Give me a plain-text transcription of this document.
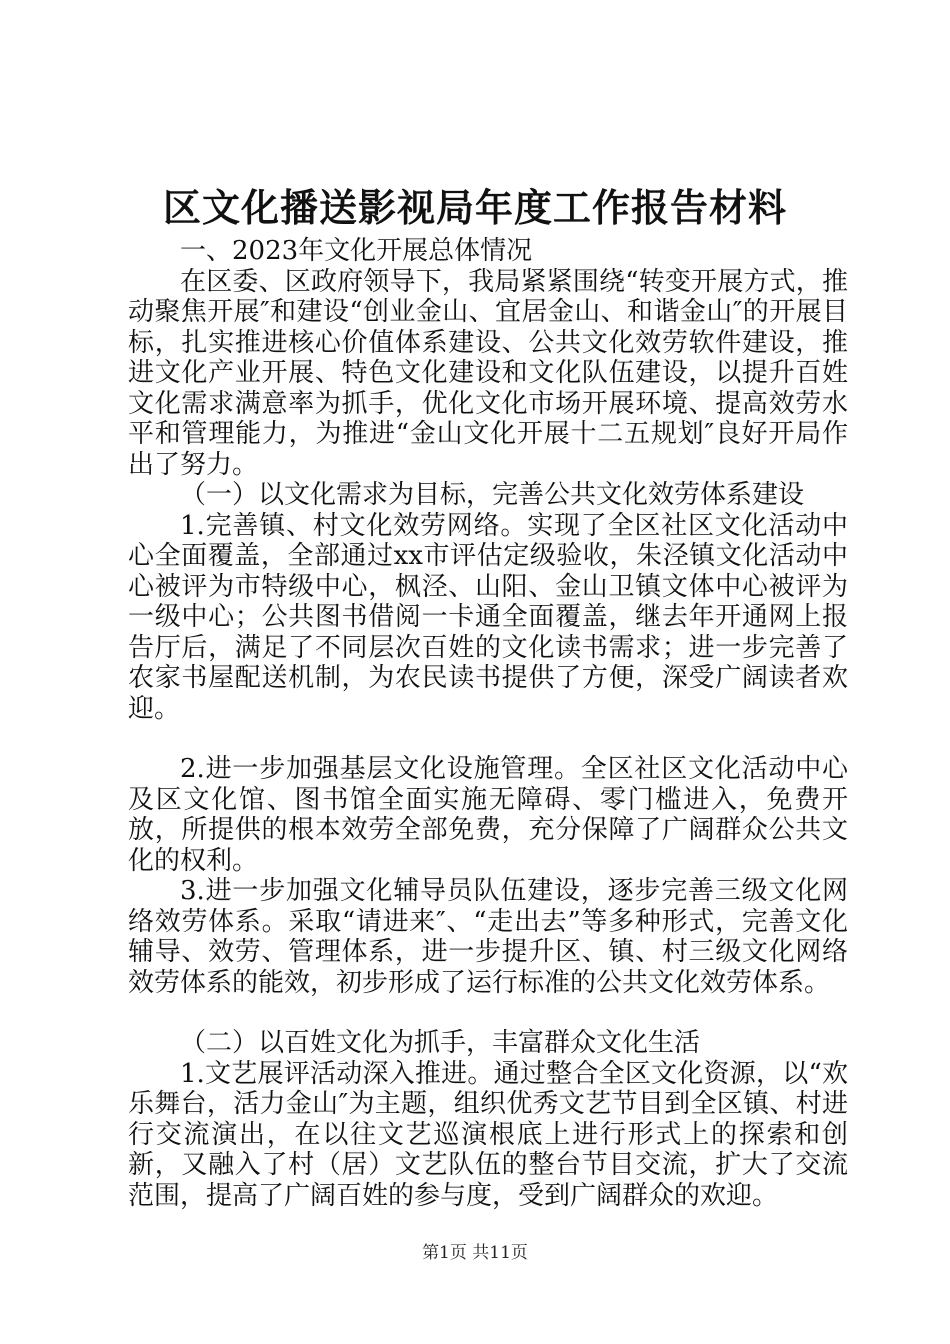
区文化播送影视局年度工作报告材料

一、2023年文化开展总体情况

在区委、区政府领导下，我局紧紧围绕“转变开展方式，推动聚焦开展″和建设“创业金山、宜居金山、和谐金山″的开展目标，扎实推进核心价值体系建设、公共文化效劳软件建设，推进文化产业开展、特色文化建设和文化队伍建设，以提升百姓文化需求满意率为抓手，优化文化市场开展环境、提高效劳水平和管理能力，为推进“金山文化开展十二五规划″良好开局作出了努力。

（一）以文化需求为目标，完善公共文化效劳体系建设

1.完善镇、村文化效劳网络。实现了全区社区文化活动中心全面覆盖，全部通过xx市评估定级验收，朱泾镇文化活动中心被评为市特级中心，枫泾、山阳、金山卫镇文体中心被评为一级中心；公共图书借阅一卡通全面覆盖，继去年开通网上报告厅后，满足了不同层次百姓的文化读书需求；进一步完善了农家书屋配送机制，为农民读书提供了方便，深受广阔读者欢迎。

2.进一步加强基层文化设施管理。全区社区文化活动中心及区文化馆、图书馆全面实施无障碍、零门槛进入，免费开放，所提供的根本效劳全部免费，充分保障了广阔群众公共文化的权利。

3.进一步加强文化辅导员队伍建设，逐步完善三级文化网络效劳体系。采取“请进来″、“走出去”等多种形式，完善文化辅导、效劳、管理体系，进一步提升区、镇、村三级文化网络效劳体系的能效，初步形成了运行标准的公共文化效劳体系。

（二）以百姓文化为抓手，丰富群众文化生活

1.文艺展评活动深入推进。通过整合全区文化资源，以“欢乐舞台，活力金山″为主题，组织优秀文艺节目到全区镇、村进行交流演出，在以往文艺巡演根底上进行形式上的探索和创新，又融入了村（居）文艺队伍的整台节目交流，扩大了交流范围，提高了广阔百姓的参与度，受到广阔群众的欢迎。

第1页 共11页
